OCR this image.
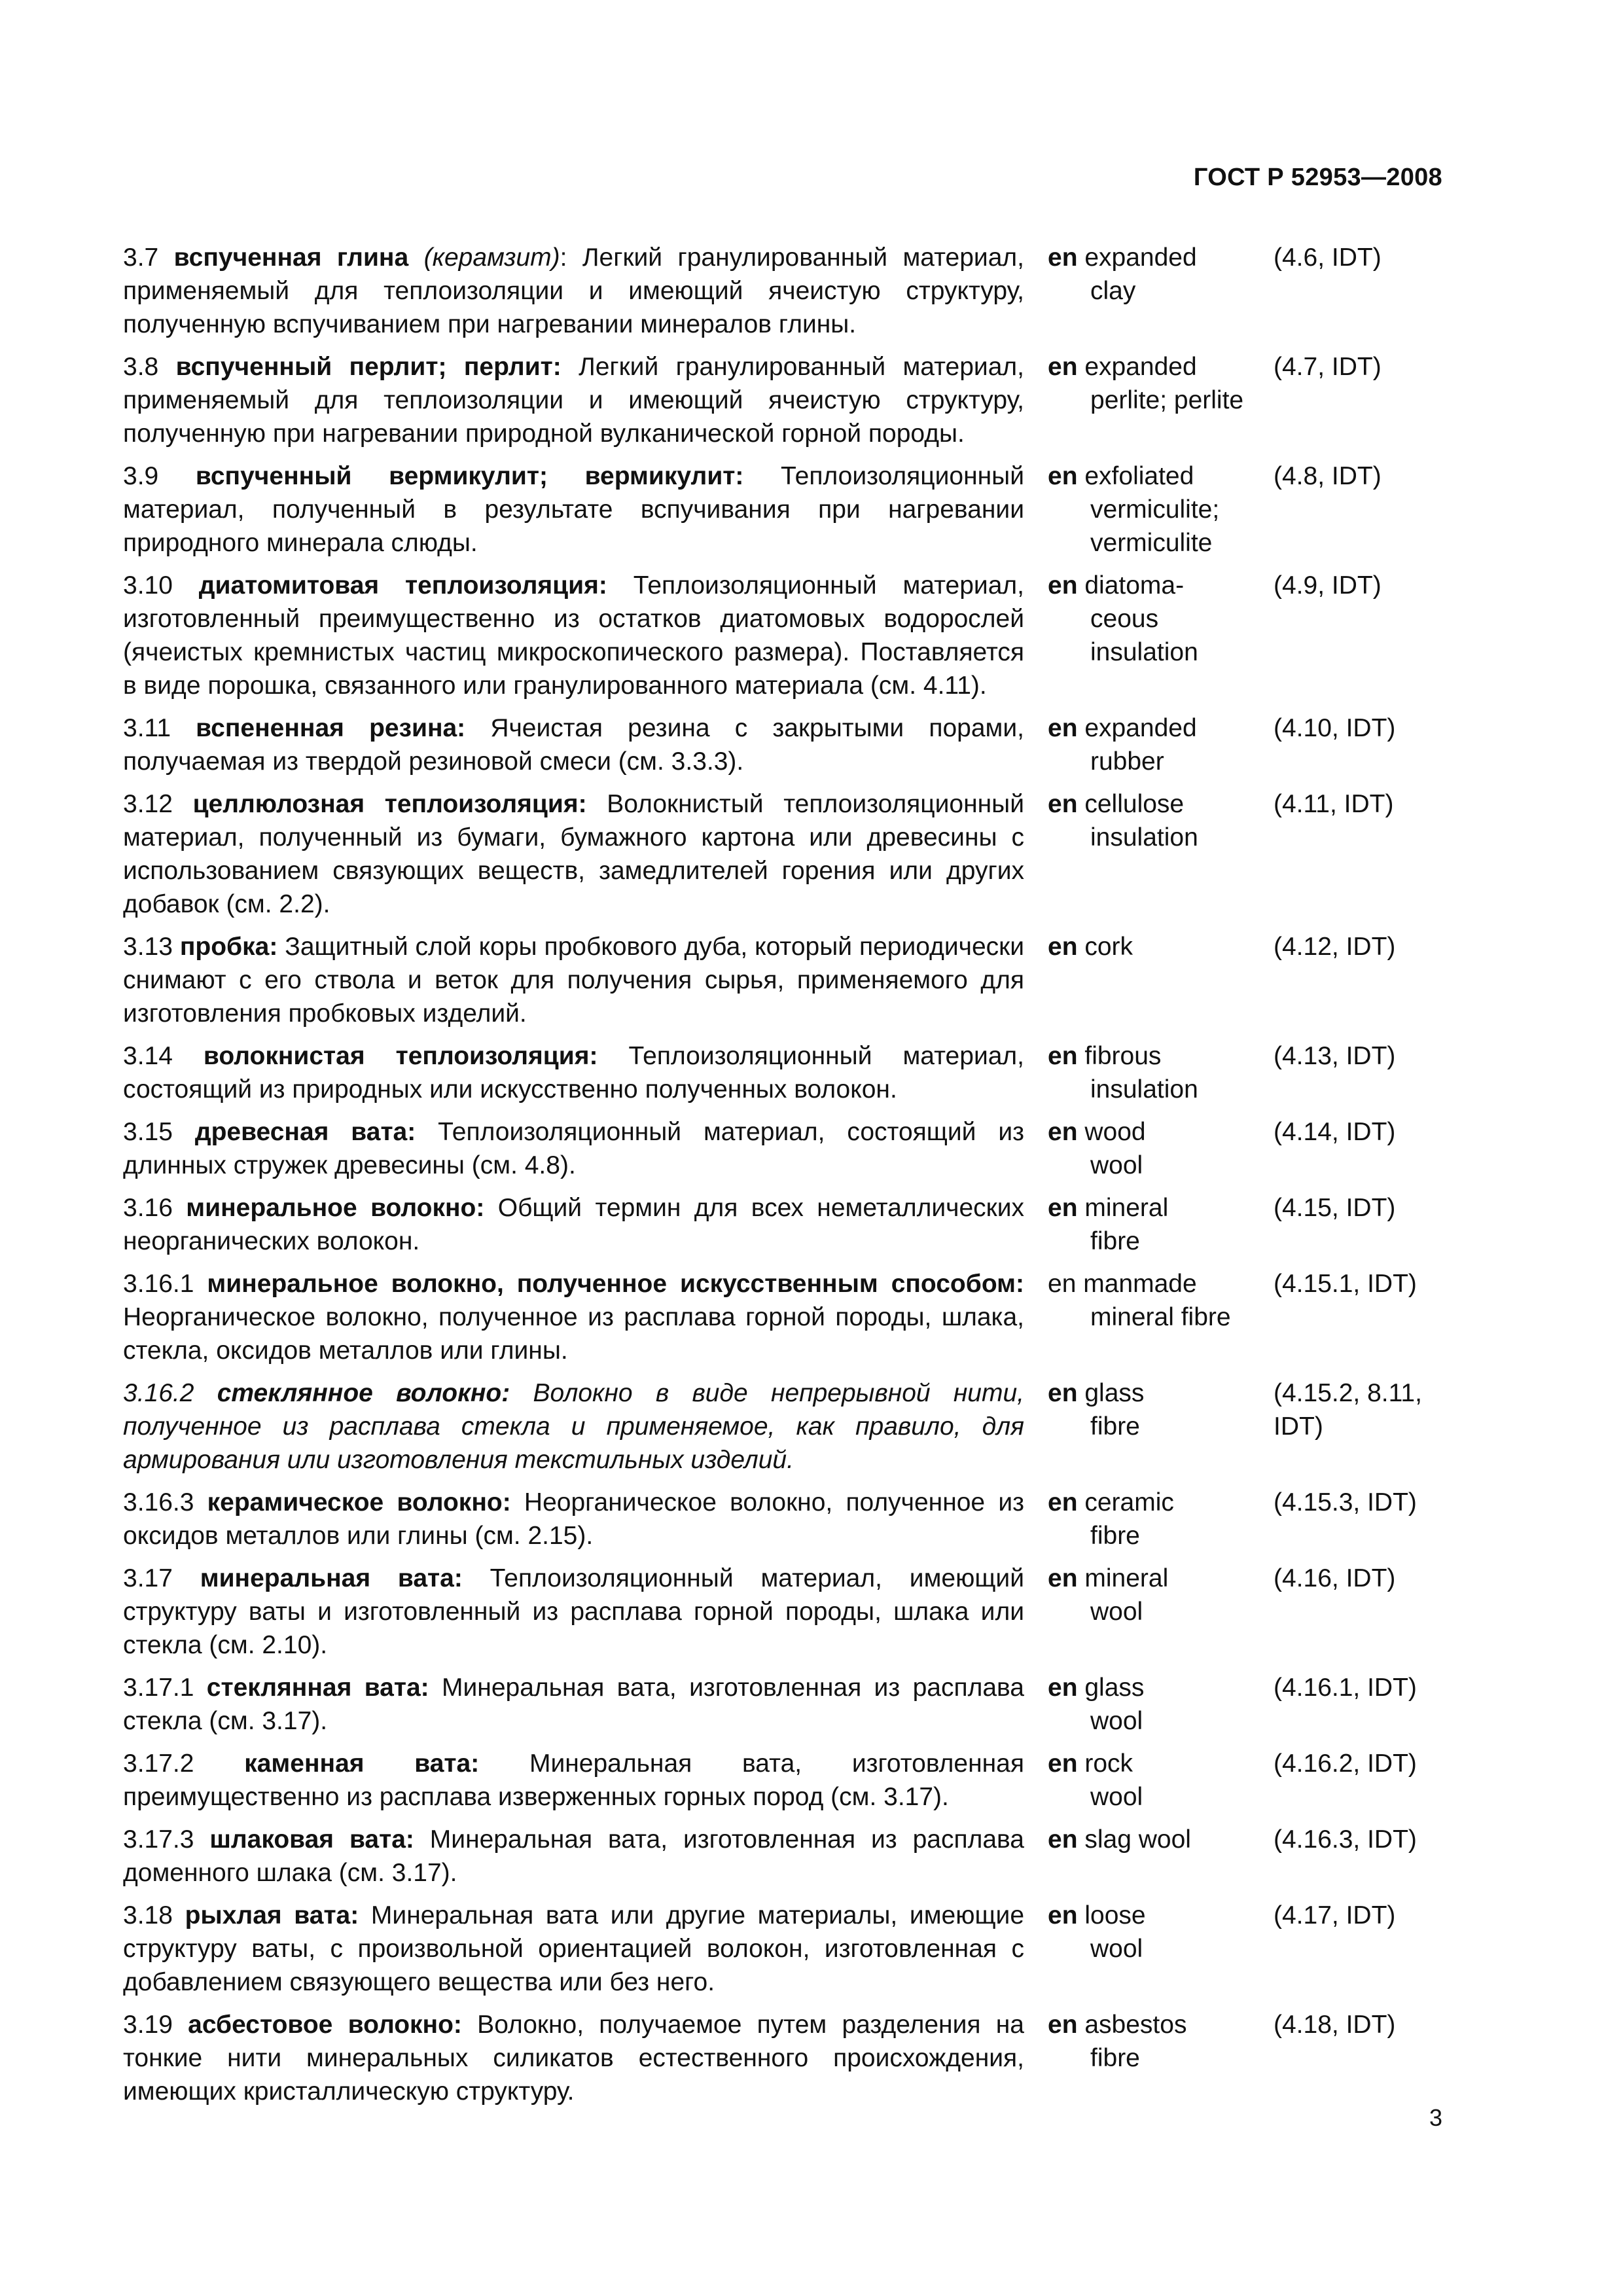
ГОСТ Р 52953—2008
3.7 вспученная глина (керамзит): Легкий гранулированный материал, применяемый для теплоизоляции и имеющий ячеистую структуру, полученную вспучиванием при нагревании минералов глины.
en expanded
clay
(4.6, IDT)
3.8 вспученный перлит; перлит: Легкий гранулированный материал, применяемый для теплоизоляции и имеющий ячеистую структуру, полученную при нагревании природной вулканической горной породы.
en expanded
perlite; perlite
(4.7, IDT)
3.9 вспученный вермикулит; вермикулит: Теплоизоляционный материал, полученный в результате вспучивания при нагревании природного минерала слюды.
en exfoliated
vermiculite; vermiculite
(4.8, IDT)
3.10 диатомитовая теплоизоляция: Теплоизоляционный материал, изготовленный преимущественно из остатков диатомовых водорослей (ячеистых кремнистых частиц микроскопического размера). Поставляется в виде порошка, связанного или гранулированного материала (см. 4.11).
en diatoma-
ceous insulation
(4.9, IDT)
3.11 вспененная резина: Ячеистая резина с закрытыми порами, получаемая из твердой резиновой смеси (см. 3.3.3).
en expanded
rubber
(4.10, IDT)
3.12 целлюлозная теплоизоляция: Волокнистый теплоизоляционный материал, полученный из бумаги, бумажного картона или древесины с использованием связующих веществ, замедлителей горения или других добавок (см. 2.2).
en cellulose
insulation
(4.11, IDT)
3.13 пробка: Защитный слой коры пробкового дуба, который периодически снимают с его ствола и веток для получения сырья, применяемого для изготовления пробковых изделий.
en cork	(4.12, IDT)
3.14 волокнистая теплоизоляция: Теплоизоляционный материал, состоящий из природных или искусственно полученных волокон.
en fibrous
insulation
(4.13, IDT)
3.15 древесная вата: Теплоизоляционный материал, состоящий из длинных стружек древесины (см. 4.8).
en wood
wool
(4.14, IDT)
3.16 минеральное волокно: Общий термин для всех неметаллических неорганических волокон.
en mineral
fibre
(4.15, IDT)
3.16.1 минеральное волокно, полученное искусственным способом: Неорганическое волокно, полученное из расплава горной породы, шлака, стекла, оксидов металлов или глины.
en manmade
mineral fibre
(4.15.1, IDT)
3.16.2 стеклянное волокно: Волокно в виде непрерывной нити, полученное из расплава стекла и применяемое, как правило, для армирования или изготовления текстильных изделий.
en glass
fibre
(4.15.2, 8.11, IDT)
3.16.3 керамическое волокно: Неорганическое волокно, полученное из оксидов металлов или глины (см. 2.15).
en ceramic
fibre
(4.15.3, IDT)
3.17 минеральная вата: Теплоизоляционный материал, имеющий структуру ваты и изготовленный из расплава горной породы, шлака или стекла (см. 2.10).
en mineral
wool
(4.16, IDT)
3.17.1 стеклянная вата: Минеральная вата, изготовленная из расплава стекла (см. 3.17).
en glass
wool
(4.16.1, IDT)
3.17.2 каменная вата: Минеральная вата, изготовленная преимущественно из расплава изверженных горных пород (см. 3.17).
en rock
wool
(4.16.2, IDT)
3.17.3 шлаковая вата: Минеральная вата, изготовленная из расплава доменного шлака (см. 3.17).
en slag wool	(4.16.3, IDT)
3.18 рыхлая вата: Минеральная вата или другие материалы, имеющие структуру ваты, с произвольной ориентацией волокон, изготовленная с добавлением связующего вещества или без него.
en loose
wool
(4.17, IDT)
3.19 асбестовое волокно: Волокно, получаемое путем разделения на тонкие нити минеральных силикатов естественного происхождения, имеющих кристаллическую структуру.
en asbestos
fibre
(4.18, IDT)
3
